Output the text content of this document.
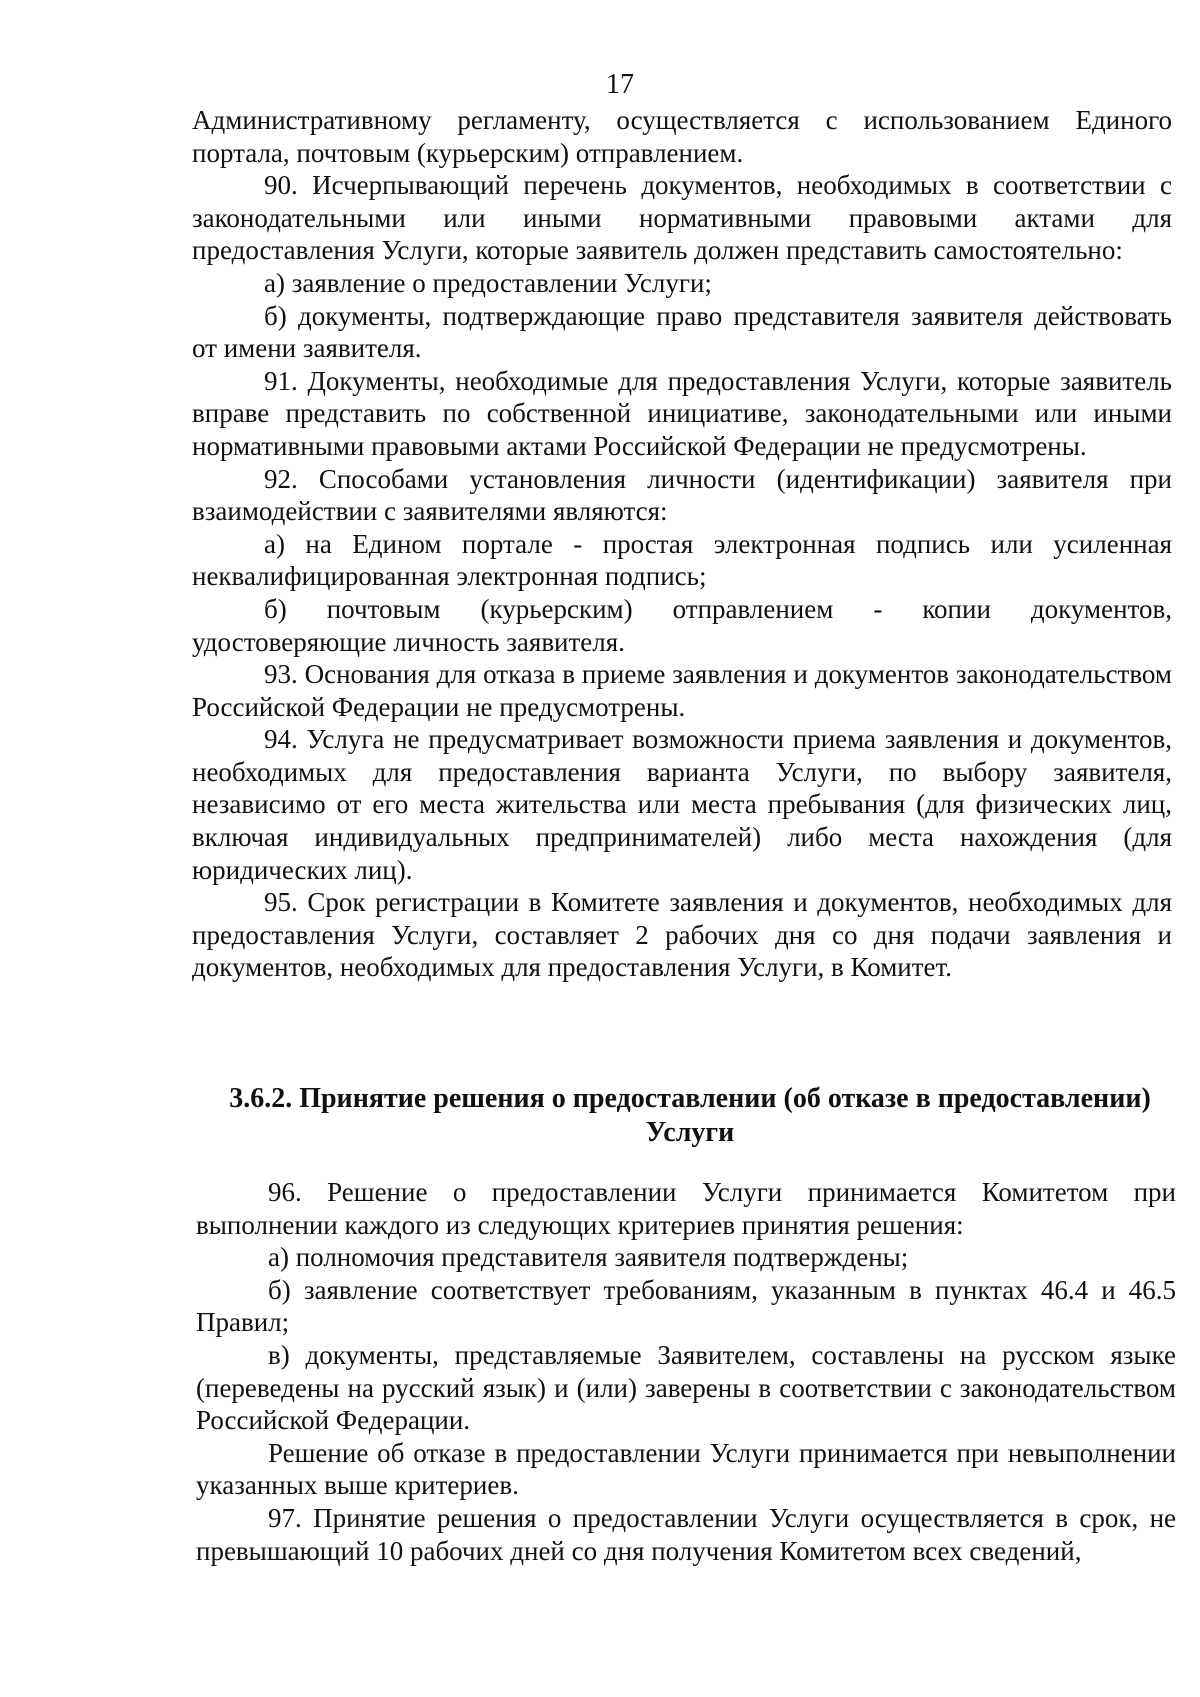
17

Административному регламенту, осуществляется с использованием Единого портала, почтовым (курьерским) отправлением.

90. Исчерпывающий перечень документов, необходимых в соответствии с законодательными или иными нормативными правовыми актами для предоставления Услуги, которые заявитель должен представить самостоятельно:

а) заявление о предоставлении Услуги;

б) документы, подтверждающие право представителя заявителя действовать от имени заявителя.

91. Документы, необходимые для предоставления Услуги, которые заявитель вправе представить по собственной инициативе, законодательными или иными нормативными правовыми актами Российской Федерации не предусмотрены.

92. Способами установления личности (идентификации) заявителя при взаимодействии с заявителями являются:

а) на Едином портале - простая электронная подпись или усиленная неквалифицированная электронная подпись;

б) почтовым (курьерским) отправлением - копии документов, удостоверяющие личность заявителя.

93. Основания для отказа в приеме заявления и документов законодательством Российской Федерации не предусмотрены.

94. Услуга не предусматривает возможности приема заявления и документов, необходимых для предоставления варианта Услуги, по выбору заявителя, независимо от его места жительства или места пребывания (для физических лиц, включая индивидуальных предпринимателей) либо места нахождения (для юридических лиц).

95. Срок регистрации в Комитете заявления и документов, необходимых для предоставления Услуги, составляет 2 рабочих дня со дня подачи заявления и документов, необходимых для предоставления Услуги, в Комитет.

3.6.2. Принятие решения о предоставлении (об отказе в предоставлении) Услуги

96. Решение о предоставлении Услуги принимается Комитетом при выполнении каждого из следующих критериев принятия решения:

а) полномочия представителя заявителя подтверждены;

б) заявление соответствует требованиям, указанным в пунктах 46.4 и 46.5 Правил;

в) документы, представляемые Заявителем, составлены на русском языке (переведены на русский язык) и (или) заверены в соответствии с законодательством Российской Федерации.

Решение об отказе в предоставлении Услуги принимается при невыполнении указанных выше критериев.

97. Принятие решения о предоставлении Услуги осуществляется в срок, не превышающий 10 рабочих дней со дня получения Комитетом всех сведений,
